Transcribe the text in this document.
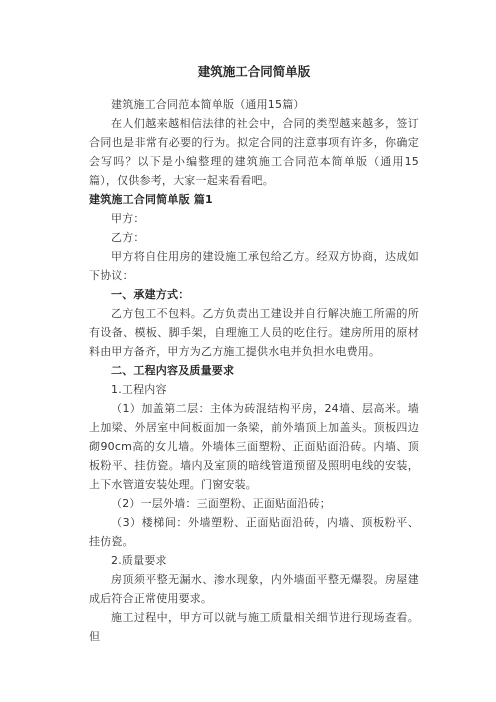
建筑施工合同简单版

建筑施工合同范本简单版（通用15篇）

在人们越来越相信法律的社会中，合同的类型越来越多，签订合同也是非常有必要的行为。拟定合同的注意事项有许多，你确定会写吗？以下是小编整理的建筑施工合同范本简单版（通用15篇），仅供参考，大家一起来看看吧。

建筑施工合同简单版 篇1

甲方：

乙方：

甲方将自住用房的建设施工承包给乙方。经双方协商，达成如下协议：

一、承建方式：

乙方包工不包料。乙方负责出工建设并自行解决施工所需的所有设备、模板、脚手架，自理施工人员的吃住行。建房所用的原材料由甲方备齐，甲方为乙方施工提供水电并负担水电费用。

二、工程内容及质量要求

1.工程内容

（1）加盖第二层：主体为砖混结构平房，24墙、层高米。墙上加梁、外居室中间板面加一条梁，前外墙顶上加盖头。顶板四边砌90cm高的女儿墙。外墙体三面塑粉、正面贴面沿砖。内墙、顶板粉平、挂仿瓷。墙内及室顶的暗线管道预留及照明电线的安装，上下水管道安装处理。门窗安装。

（2）一层外墙：三面塑粉、正面贴面沿砖；

（3）楼梯间：外墙塑粉、正面贴面沿砖，内墙、顶板粉平、挂仿瓷。

2.质量要求

房顶须平整无漏水、渗水现象，内外墙面平整无爆裂。房屋建成后符合正常使用要求。

施工过程中，甲方可以就与施工质量相关细节进行现场查看。但
